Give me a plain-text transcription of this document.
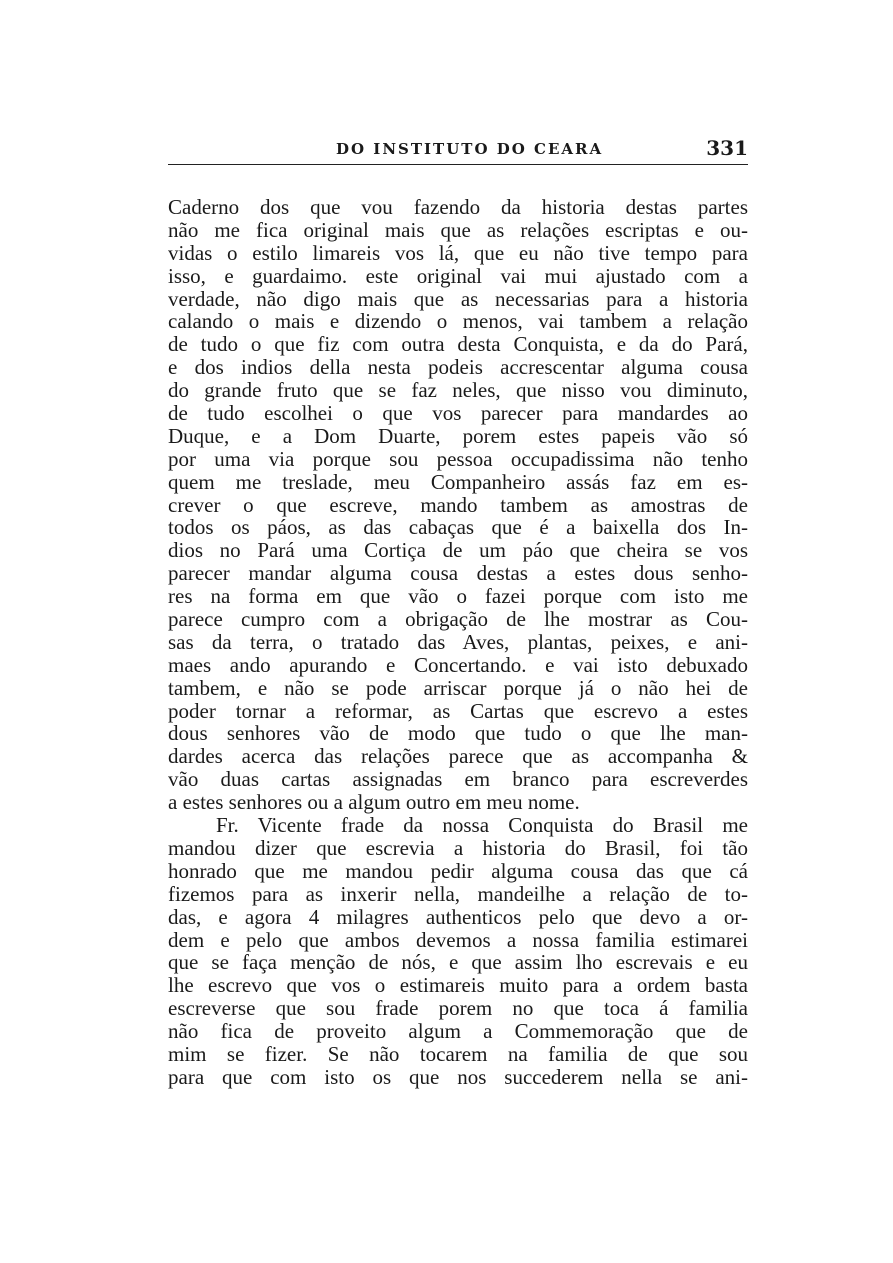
DO INSTITUTO DO CEARA	331
Caderno dos que vou fazendo da historia destas partes
não me fica original mais que as relações escriptas e ou-
vidas o estilo limareis vos lá, que eu não tive tempo para
isso, e guardaimo. este original vai mui ajustado com a
verdade, não digo mais que as necessarias para a historia
calando o mais e dizendo o menos, vai tambem a relação
de tudo o que fiz com outra desta Conquista, e da do Pará,
e dos indios della nesta podeis accrescentar alguma cousa
do grande fruto que se faz neles, que nisso vou diminuto,
de tudo escolhei o que vos parecer para mandardes ao
Duque, e a Dom Duarte, porem estes papeis vão só
por uma via porque sou pessoa occupadissima não tenho
quem me treslade, meu Companheiro assás faz em es-
crever o que escreve, mando tambem as amostras de
todos os páos, as das cabaças que é a baixella dos In-
dios no Pará uma Cortiça de um páo que cheira se vos
parecer mandar alguma cousa destas a estes dous senho-
res na forma em que vão o fazei porque com isto me
parece cumpro com a obrigação de lhe mostrar as Cou-
sas da terra, o tratado das Aves, plantas, peixes, e ani-
maes ando apurando e Concertando. e vai isto debuxado
tambem, e não se pode arriscar porque já o não hei de
poder tornar a reformar, as Cartas que escrevo a estes
dous senhores vão de modo que tudo o que lhe man-
dardes acerca das relações parece que as accompanha &
vão duas cartas assignadas em branco para escreverdes
a estes senhores ou a algum outro em meu nome.
Fr. Vicente frade da nossa Conquista do Brasil me
mandou dizer que escrevia a historia do Brasil, foi tão
honrado que me mandou pedir alguma cousa das que cá
fizemos para as inxerir nella, mandeilhe a relação de to-
das, e agora 4 milagres authenticos pelo que devo a or-
dem e pelo que ambos devemos a nossa familia estimarei
que se faça menção de nós, e que assim lho escrevais e eu
lhe escrevo que vos o estimareis muito para a ordem basta
escreverse que sou frade porem no que toca á familia
não fica de proveito algum a Commemoração que de
mim se fizer. Se não tocarem na familia de que sou
para que com isto os que nos succederem nella se ani-
